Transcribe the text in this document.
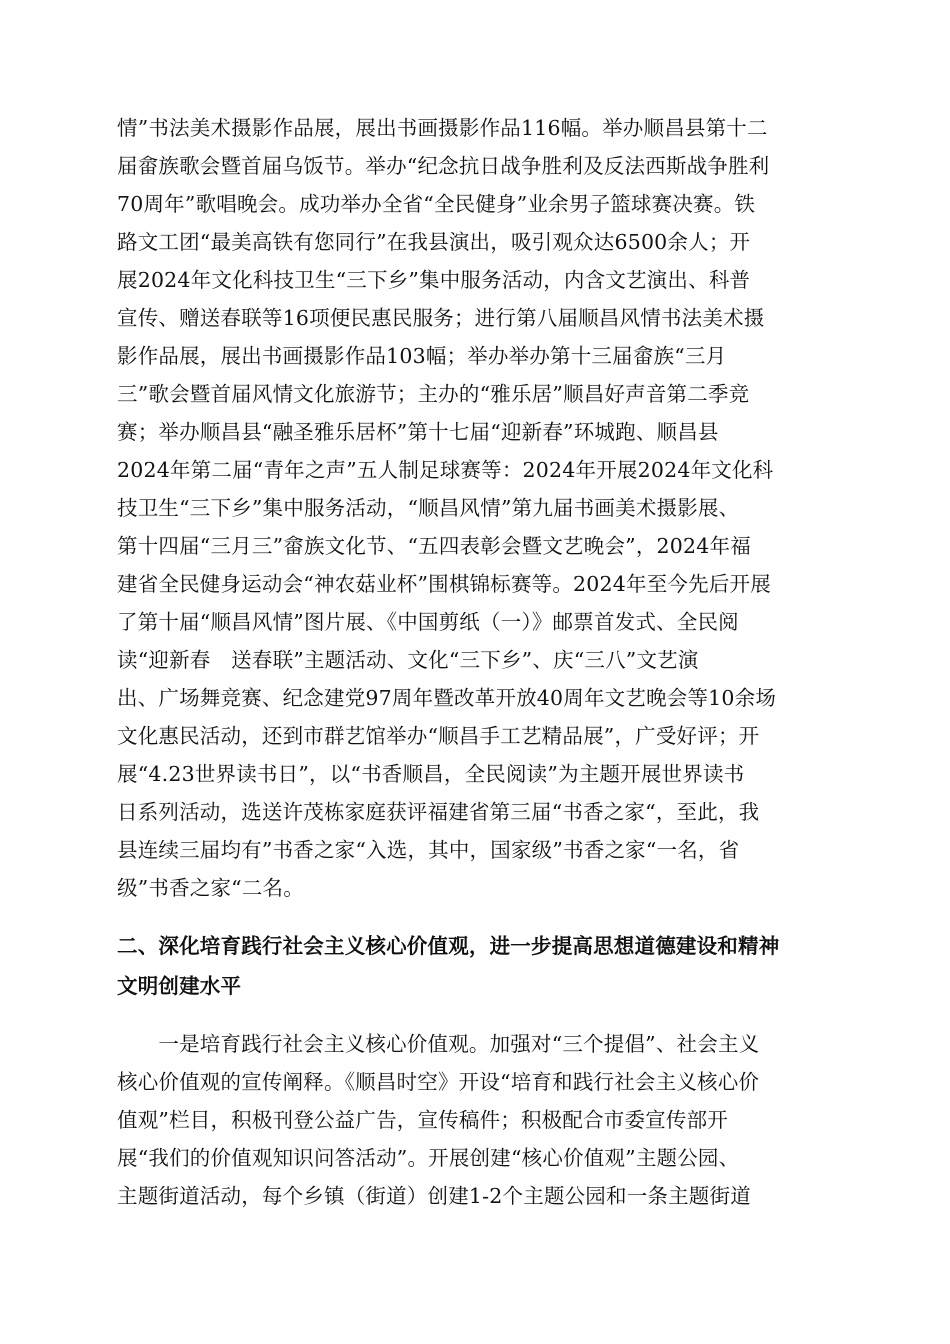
情”书法美术摄影作品展，展出书画摄影作品116幅。举办顺昌县第十二
届畲族歌会暨首届乌饭节。举办“纪念抗日战争胜利及反法西斯战争胜利
70周年”歌唱晚会。成功举办全省“全民健身”业余男子篮球赛决赛。铁
路文工团“最美高铁有您同行”在我县演出，吸引观众达6500余人；开
展2024年文化科技卫生“三下乡”集中服务活动，内含文艺演出、科普
宣传、赠送春联等16项便民惠民服务；进行第八届顺昌风情书法美术摄
影作品展，展出书画摄影作品103幅；举办举办第十三届畲族“三月
三”歌会暨首届风情文化旅游节；主办的“雅乐居”顺昌好声音第二季竞
赛；举办顺昌县“融圣雅乐居杯”第十七届“迎新春”环城跑、顺昌县
2024年第二届“青年之声”五人制足球赛等：2024年开展2024年文化科
技卫生“三下乡”集中服务活动，“顺昌风情”第九届书画美术摄影展、
第十四届“三月三”畲族文化节、“五四表彰会暨文艺晚会”，2024年福
建省全民健身运动会“神农菇业杯”围棋锦标赛等。2024年至今先后开展
了第十届“顺昌风情”图片展、《中国剪纸（一）》邮票首发式、全民阅
读“迎新春　送春联”主题活动、文化“三下乡”、庆“三八”文艺演
出、广场舞竞赛、纪念建党97周年暨改革开放40周年文艺晚会等10余场
文化惠民活动，还到市群艺馆举办“顺昌手工艺精品展”，广受好评；开
展“4.23世界读书日”，以“书香顺昌，全民阅读”为主题开展世界读书
日系列活动，选送许茂栋家庭获评福建省第三届“书香之家“，至此，我
县连续三届均有”书香之家“入选，其中，国家级”书香之家“一名，省
级”书香之家“二名。
二、深化培育践行社会主义核心价值观，进一步提高思想道德建设和精神
文明创建水平
　　一是培育践行社会主义核心价值观。加强对“三个提倡”、社会主义
核心价值观的宣传阐释。《顺昌时空》开设“培育和践行社会主义核心价
值观”栏目，积极刊登公益广告，宣传稿件；积极配合市委宣传部开
展“我们的价值观知识问答活动”。开展创建“核心价值观”主题公园、
主题街道活动，每个乡镇（街道）创建1-2个主题公园和一条主题街道
